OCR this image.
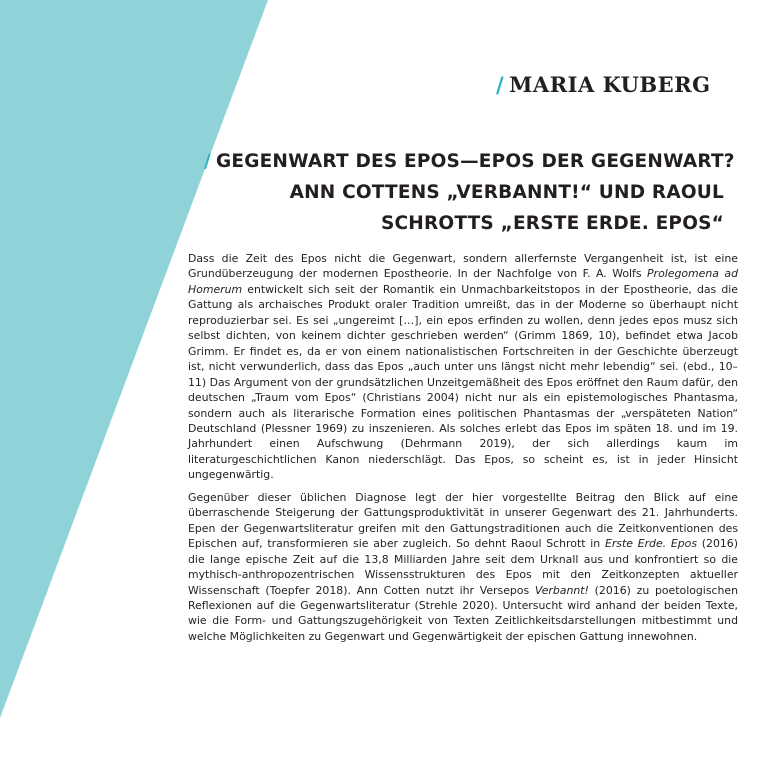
/ MARIA KUBERG
/ GEGENWART DES EPOS—EPOS DER GEGENWART?
ANN COTTENS „VERBANNT!“ UND RAOUL
SCHROTTS „ERSTE ERDE. EPOS“

Dass die Zeit des Epos nicht die Gegenwart, sondern allerfernste Vergangenheit ist, ist eine Grundüberzeugung der modernen Epostheorie. In der Nachfolge von F. A. Wolfs Prolegomena ad Homerum entwickelt sich seit der Romantik ein Unmachbarkeitstopos in der Epostheorie, das die Gattung als archaisches Produkt oraler Tradition umreißt, das in der Moderne so überhaupt nicht reproduzierbar sei. Es sei „ungereimt […], ein epos erfinden zu wollen, denn jedes epos musz sich selbst dichten, von keinem dichter geschrieben werden“ (Grimm 1869, 10), befindet etwa Jacob Grimm. Er findet es, da er von einem nationalistischen Fortschreiten in der Geschichte überzeugt ist, nicht verwunderlich, dass das Epos „auch unter uns längst nicht mehr lebendig“ sei. (ebd., 10–11) Das Argument von der grundsätzlichen Unzeitgemäßheit des Epos eröffnet den Raum dafür, den deutschen „Traum vom Epos“ (Christians 2004) nicht nur als ein epistemologisches Phantasma, sondern auch als literarische Formation eines politischen Phantasmas der „verspäteten Nation“ Deutschland (Plessner 1969) zu inszenieren. Als solches erlebt das Epos im späten 18. und im 19. Jahrhundert einen Aufschwung (Dehrmann 2019), der sich allerdings kaum im literaturgeschichtlichen Kanon niederschlägt. Das Epos, so scheint es, ist in jeder Hinsicht ungegenwärtig.

Gegenüber dieser üblichen Diagnose legt der hier vorgestellte Beitrag den Blick auf eine überraschende Steigerung der Gattungsproduktivität in unserer Gegenwart des 21. Jahrhunderts. Epen der Gegenwartsliteratur greifen mit den Gattungstraditionen auch die Zeitkonventionen des Epischen auf, transformieren sie aber zugleich. So dehnt Raoul Schrott in Erste Erde. Epos (2016) die lange epische Zeit auf die 13,8 Milliarden Jahre seit dem Urknall aus und konfrontiert so die mythisch-anthropozentrischen Wissensstrukturen des Epos mit den Zeitkonzepten aktueller Wissenschaft (Toepfer 2018). Ann Cotten nutzt ihr Versepos Verbannt! (2016) zu poetologischen Reflexionen auf die Gegenwartsliteratur (Strehle 2020). Untersucht wird anhand der beiden Texte, wie die Form- und Gattungszugehörigkeit von Texten Zeitlichkeitsdarstellungen mitbestimmt und welche Möglichkeiten zu Gegenwart und Gegenwärtigkeit der epischen Gattung innewohnen.
